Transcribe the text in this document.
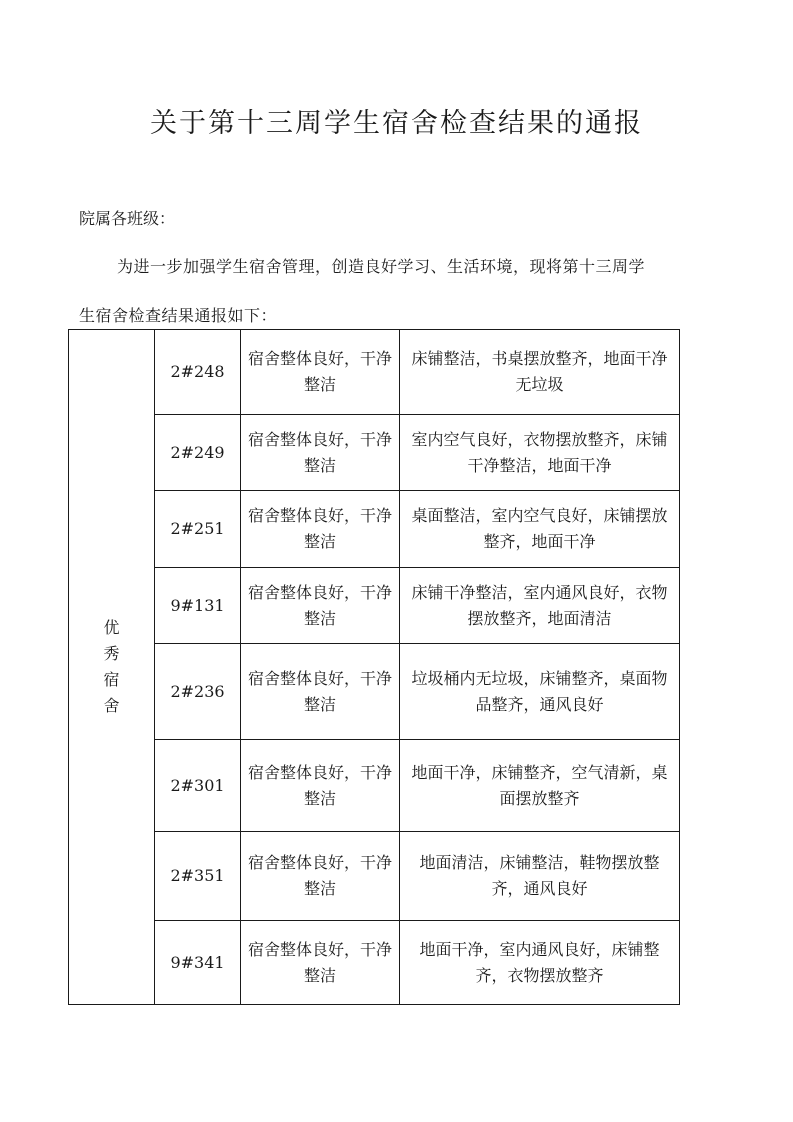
关于第十三周学生宿舍检查结果的通报
院属各班级：
为进一步加强学生宿舍管理，创造良好学习、生活环境，现将第十三周学
生宿舍检查结果通报如下：
优秀宿舍	2#248	宿舍整体良好，干净整洁	床铺整洁，书桌摆放整齐，地面干净无垃圾
	2#249	宿舍整体良好，干净整洁	室内空气良好，衣物摆放整齐，床铺干净整洁，地面干净
	2#251	宿舍整体良好，干净整洁	桌面整洁，室内空气良好，床铺摆放整齐，地面干净
	9#131	宿舍整体良好，干净整洁	床铺干净整洁，室内通风良好，衣物摆放整齐，地面清洁
	2#236	宿舍整体良好，干净整洁	垃圾桶内无垃圾，床铺整齐，桌面物品整齐，通风良好
	2#301	宿舍整体良好，干净整洁	地面干净，床铺整齐，空气清新，桌面摆放整齐
	2#351	宿舍整体良好，干净整洁	地面清洁，床铺整洁，鞋物摆放整齐，通风良好
	9#341	宿舍整体良好，干净整洁	地面干净，室内通风良好，床铺整齐，衣物摆放整齐
